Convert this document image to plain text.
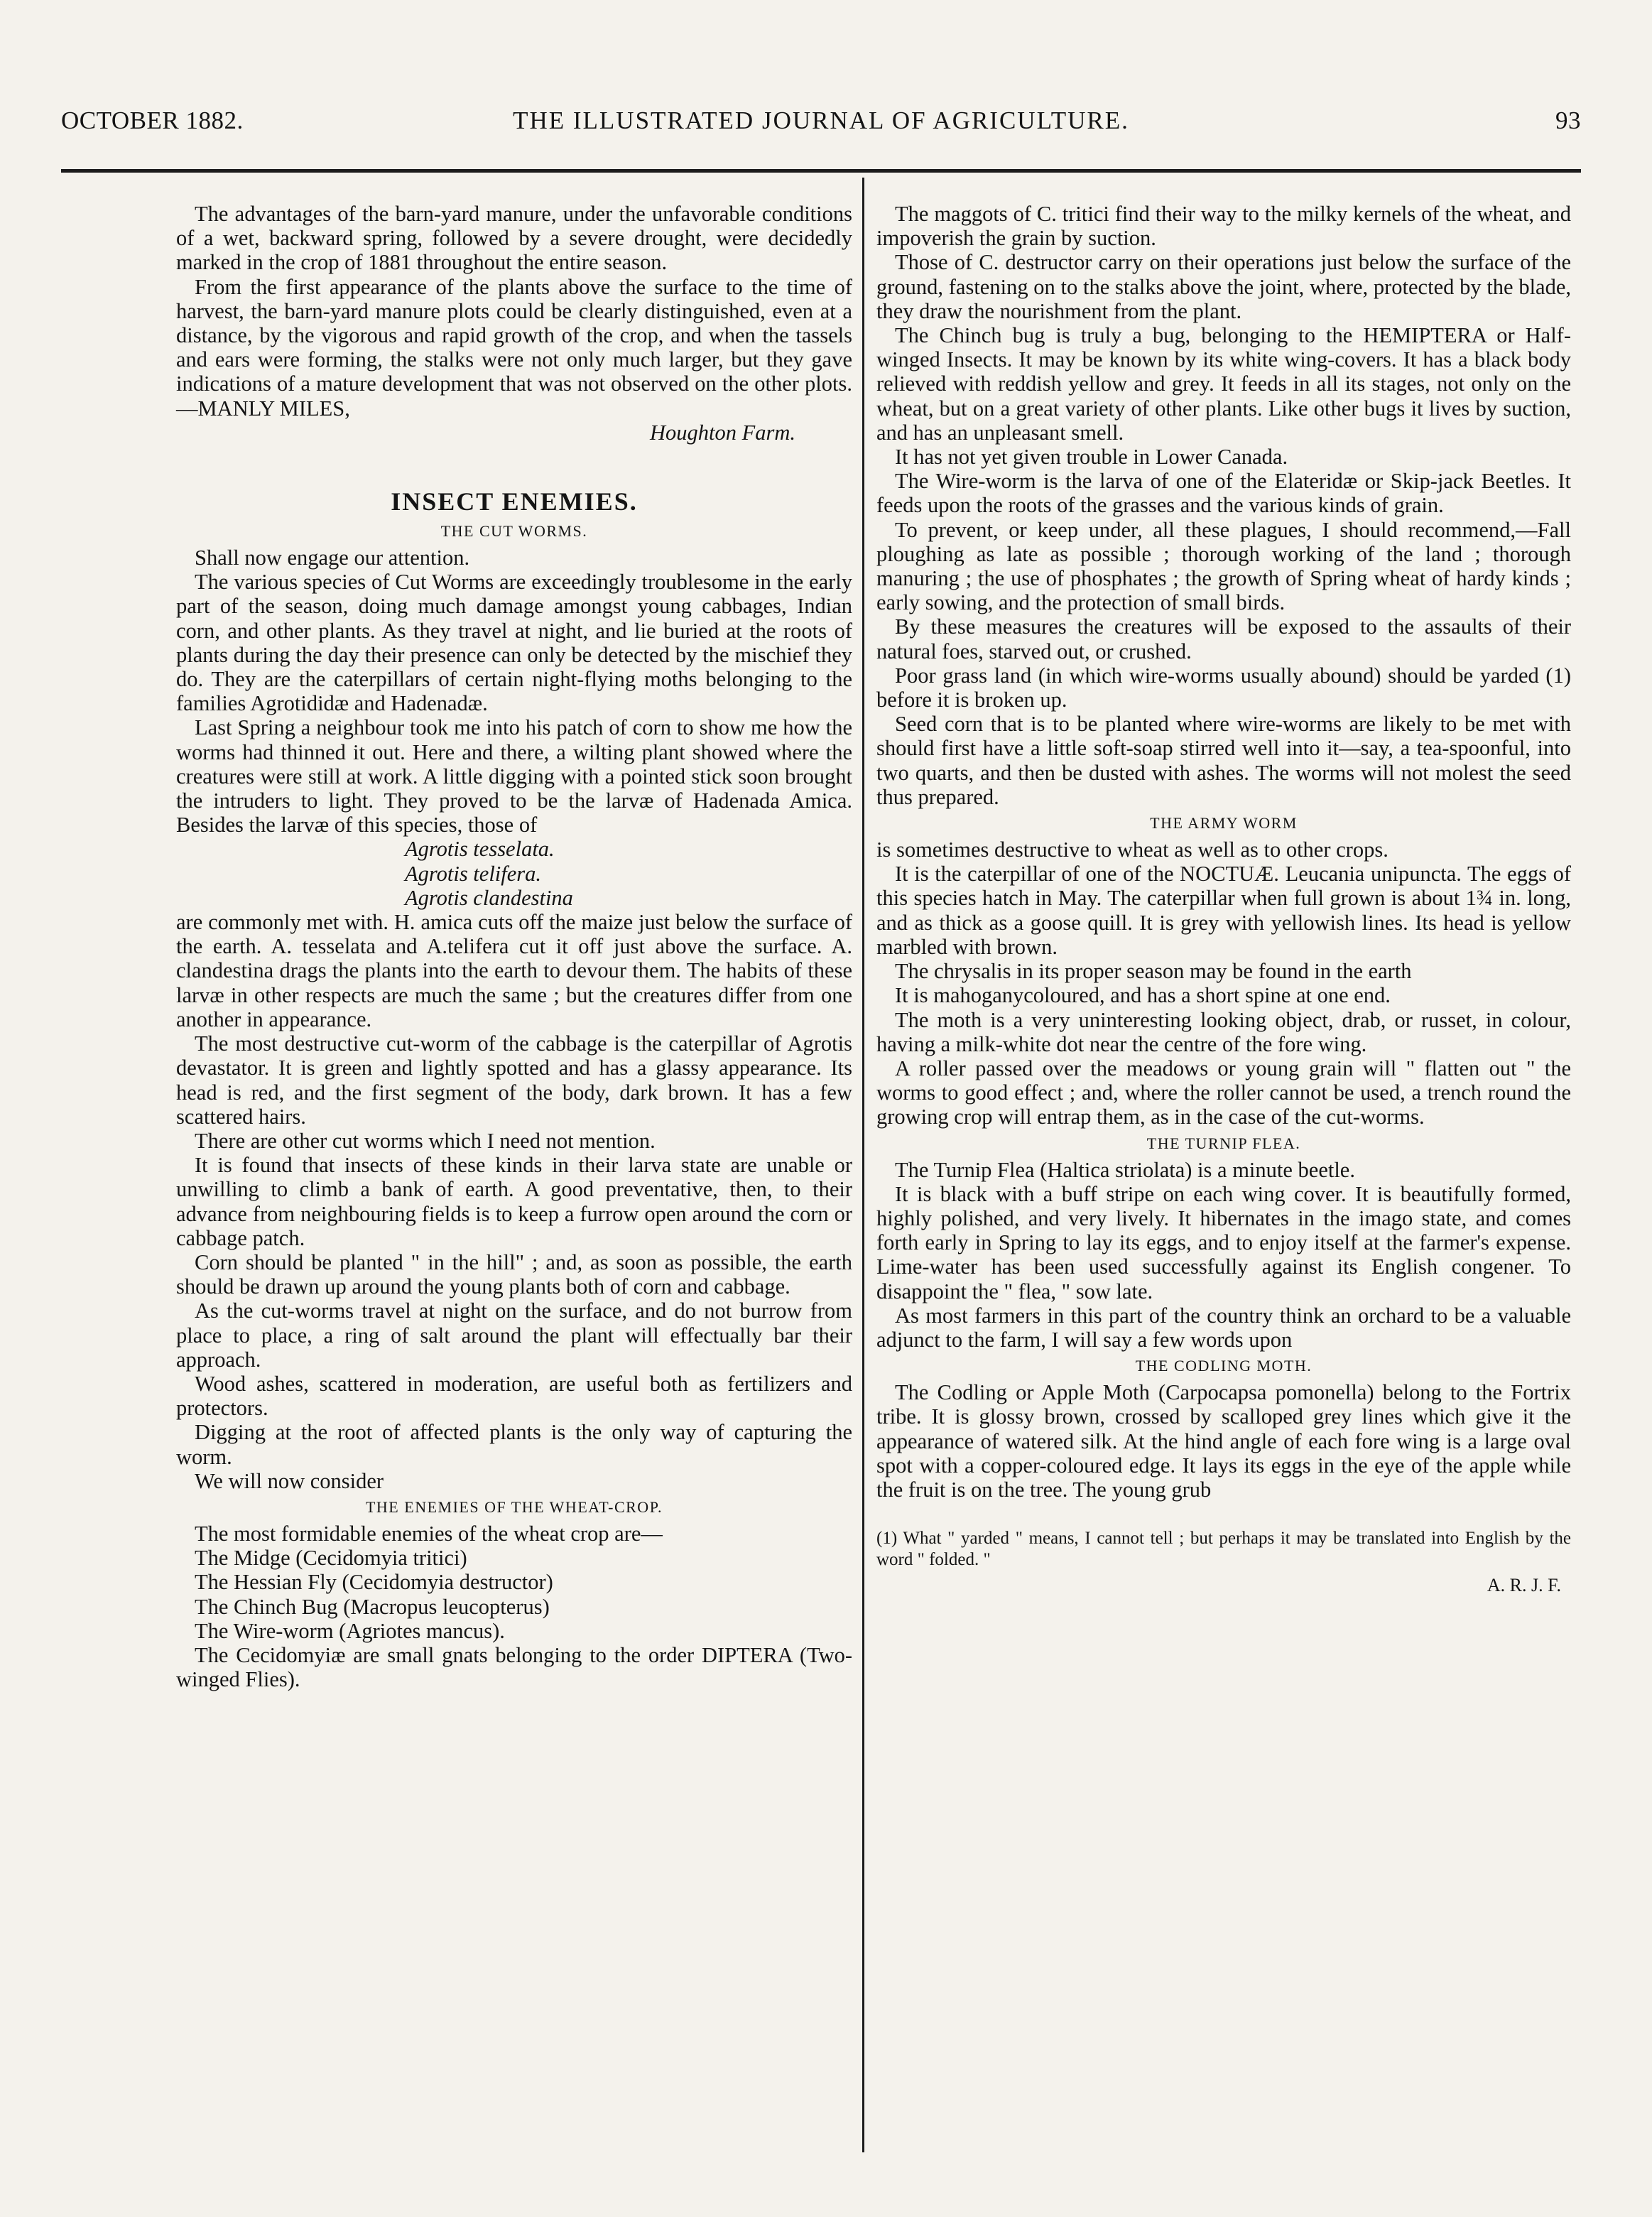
OCTOBER 1882.	THE ILLUSTRATED JOURNAL OF AGRICULTURE.	93

The advantages of the barn-yard manure, under the unfavorable conditions of a wet, backward spring, followed by a severe drought, were decidedly marked in the crop of 1881 throughout the entire season.

From the first appearance of the plants above the surface to the time of harvest, the barn-yard manure plots could be clearly distinguished, even at a distance, by the vigorous and rapid growth of the crop, and when the tassels and ears were forming, the stalks were not only much larger, but they gave indications of a mature development that was not observed on the other plots.—MANLY MILES,

Houghton Farm.

INSECT ENEMIES.
THE CUT WORMS.

Shall now engage our attention.

The various species of Cut Worms are exceedingly troublesome in the early part of the season, doing much damage amongst young cabbages, Indian corn, and other plants. As they travel at night, and lie buried at the roots of plants during the day their presence can only be detected by the mischief they do. They are the caterpillars of certain night-flying moths belonging to the families Agrotididæ and Hadenadæ.

Last Spring a neighbour took me into his patch of corn to show me how the worms had thinned it out. Here and there, a wilting plant showed where the creatures were still at work. A little digging with a pointed stick soon brought the intruders to light. They proved to be the larvæ of Hadenada Amica. Besides the larvæ of this species, those of

Agrotis tesselata.

Agrotis telifera.

Agrotis clandestina

are commonly met with. H. amica cuts off the maize just below the surface of the earth. A. tesselata and A.telifera cut it off just above the surface. A. clandestina drags the plants into the earth to devour them. The habits of these larvæ in other respects are much the same ; but the creatures differ from one another in appearance.

The most destructive cut-worm of the cabbage is the caterpillar of Agrotis devastator. It is green and lightly spotted and has a glassy appearance. Its head is red, and the first segment of the body, dark brown. It has a few scattered hairs.

There are other cut worms which I need not mention.

It is found that insects of these kinds in their larva state are unable or unwilling to climb a bank of earth. A good preventative, then, to their advance from neighbouring fields is to keep a furrow open around the corn or cabbage patch.

Corn should be planted " in the hill" ; and, as soon as possible, the earth should be drawn up around the young plants both of corn and cabbage.

As the cut-worms travel at night on the surface, and do not burrow from place to place, a ring of salt around the plant will effectually bar their approach.

Wood ashes, scattered in moderation, are useful both as fertilizers and protectors.

Digging at the root of affected plants is the only way of capturing the worm.

We will now consider

THE ENEMIES OF THE WHEAT-CROP.

The most formidable enemies of the wheat crop are—

The Midge (Cecidomyia tritici)

The Hessian Fly (Cecidomyia destructor)

The Chinch Bug (Macropus leucopterus)

The Wire-worm (Agriotes mancus).

The Cecidomyiæ are small gnats belonging to the order DIPTERA (Two-winged Flies).

The maggots of C. tritici find their way to the milky kernels of the wheat, and impoverish the grain by suction.

Those of C. destructor carry on their operations just below the surface of the ground, fastening on to the stalks above the joint, where, protected by the blade, they draw the nourishment from the plant.

The Chinch bug is truly a bug, belonging to the HEMIPTERA or Half-winged Insects. It may be known by its white wing-covers. It has a black body relieved with reddish yellow and grey. It feeds in all its stages, not only on the wheat, but on a great variety of other plants. Like other bugs it lives by suction, and has an unpleasant smell.

It has not yet given trouble in Lower Canada.

The Wire-worm is the larva of one of the Elateridæ or Skip-jack Beetles. It feeds upon the roots of the grasses and the various kinds of grain.

To prevent, or keep under, all these plagues, I should recommend,—Fall ploughing as late as possible ; thorough working of the land ; thorough manuring ; the use of phosphates ; the growth of Spring wheat of hardy kinds ; early sowing, and the protection of small birds.

By these measures the creatures will be exposed to the assaults of their natural foes, starved out, or crushed.

Poor grass land (in which wire-worms usually abound) should be yarded (1) before it is broken up.

Seed corn that is to be planted where wire-worms are likely to be met with should first have a little soft-soap stirred well into it—say, a tea-spoonful, into two quarts, and then be dusted with ashes. The worms will not molest the seed thus prepared.

THE ARMY WORM

is sometimes destructive to wheat as well as to other crops.

It is the caterpillar of one of the NOCTUÆ. Leucania unipuncta. The eggs of this species hatch in May. The caterpillar when full grown is about 1¾ in. long, and as thick as a goose quill. It is grey with yellowish lines. Its head is yellow marbled with brown.

The chrysalis in its proper season may be found in the earth

It is mahoganycoloured, and has a short spine at one end.

The moth is a very uninteresting looking object, drab, or russet, in colour, having a milk-white dot near the centre of the fore wing.

A roller passed over the meadows or young grain will " flatten out " the worms to good effect ; and, where the roller cannot be used, a trench round the growing crop will entrap them, as in the case of the cut-worms.

THE TURNIP FLEA.

The Turnip Flea (Haltica striolata) is a minute beetle.

It is black with a buff stripe on each wing cover. It is beautifully formed, highly polished, and very lively. It hibernates in the imago state, and comes forth early in Spring to lay its eggs, and to enjoy itself at the farmer's expense. Lime-water has been used successfully against its English congener. To disappoint the " flea, " sow late.

As most farmers in this part of the country think an orchard to be a valuable adjunct to the farm, I will say a few words upon

THE CODLING MOTH.

The Codling or Apple Moth (Carpocapsa pomonella) belong to the Fortrix tribe. It is glossy brown, crossed by scalloped grey lines which give it the appearance of watered silk. At the hind angle of each fore wing is a large oval spot with a copper-coloured edge. It lays its eggs in the eye of the apple while the fruit is on the tree. The young grub

(1) What " yarded " means, I cannot tell ; but perhaps it may be translated into English by the word " folded. "

A. R. J. F.
